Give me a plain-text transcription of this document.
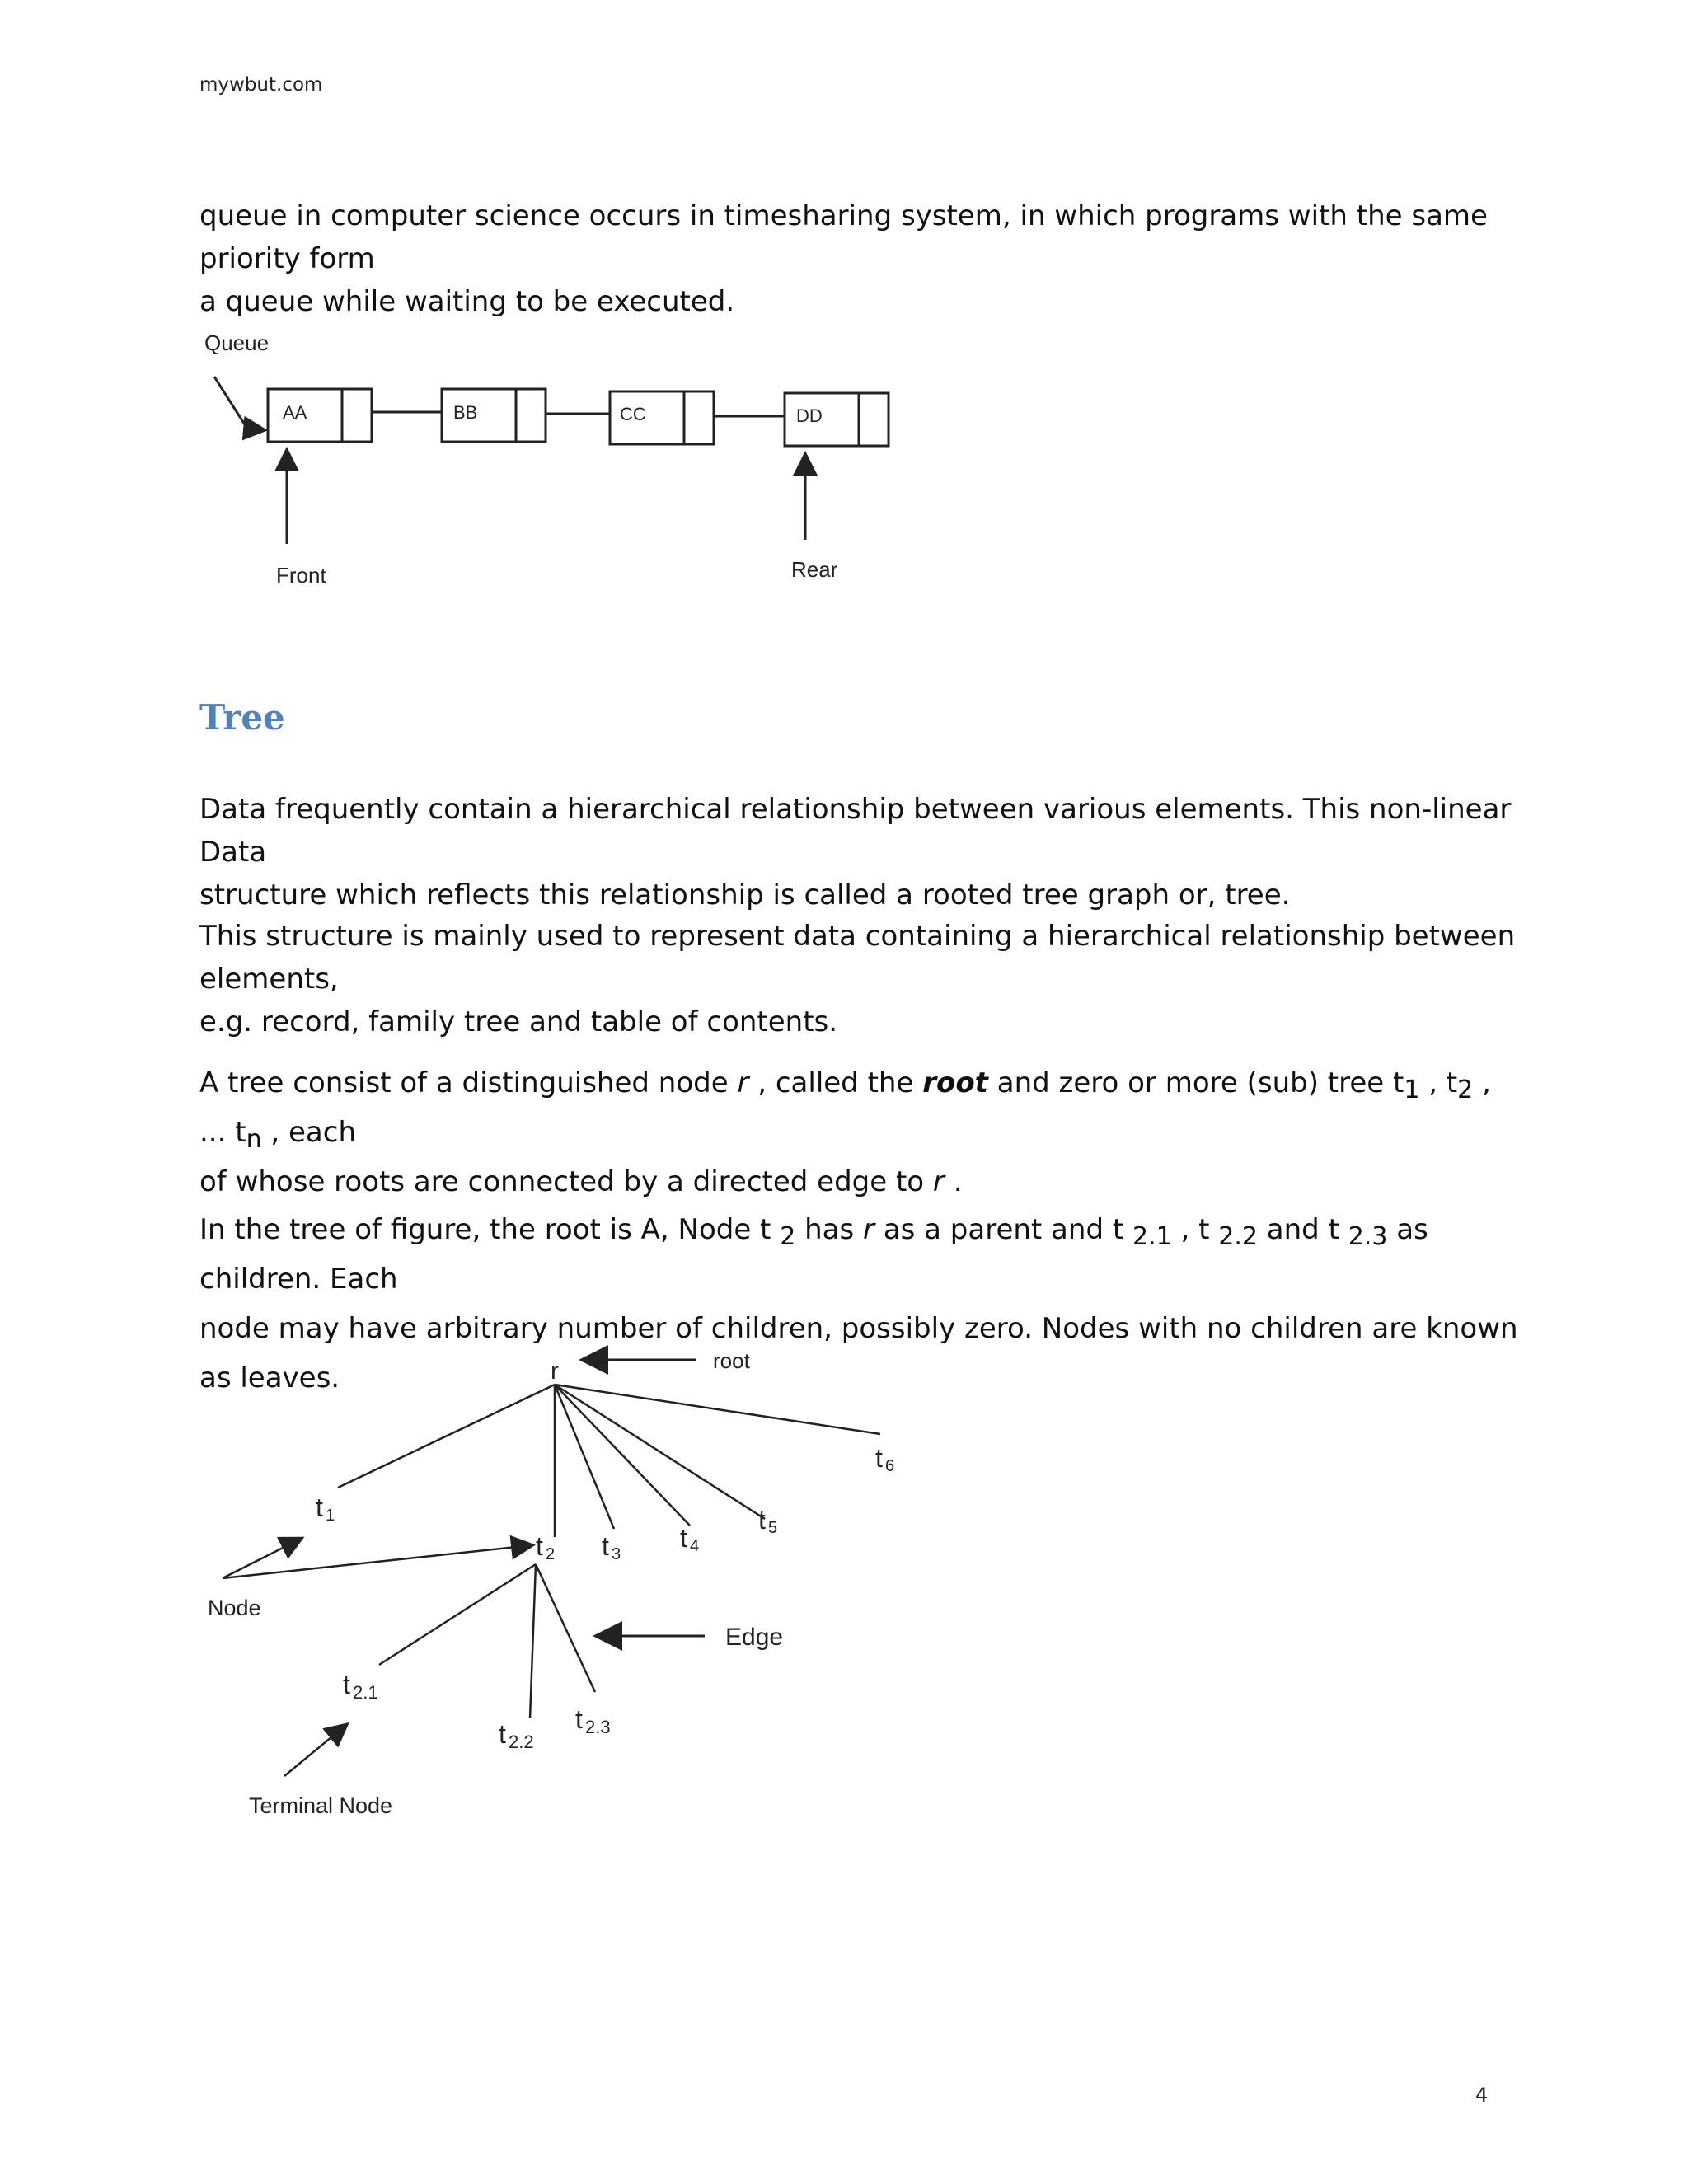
mywbut.com

queue in computer science occurs in timesharing system, in which programs with the same priority form
a queue while waiting to be executed.

Queue
AA	BB	CC	DD
Front	Rear
Tree

Data frequently contain a hierarchical relationship between various elements. This non-linear Data
structure which reflects this relationship is called a rooted tree graph or, tree.

This structure is mainly used to represent data containing a hierarchical relationship between elements,
e.g. record, family tree and table of contents.

A tree consist of a distinguished node r , called the root and zero or more (sub) tree $t_1$ , $t_2$ , ... $t_n$ , each
of whose roots are connected by a directed edge to r .

In the tree of figure, the root is A, Node t $_2$ has r as a parent and t $_{2.1}$ , t $_{2.2}$ and t $_{2.3}$ as children. Each
node may have arbitrary number of children, possibly zero. Nodes with no children are known as leaves.	r	root
t 1
t 2 t 3
t 4
t 5
t 6
Node
Edge
t 2.1
t 2.2
t 2.3
Terminal Node
4
